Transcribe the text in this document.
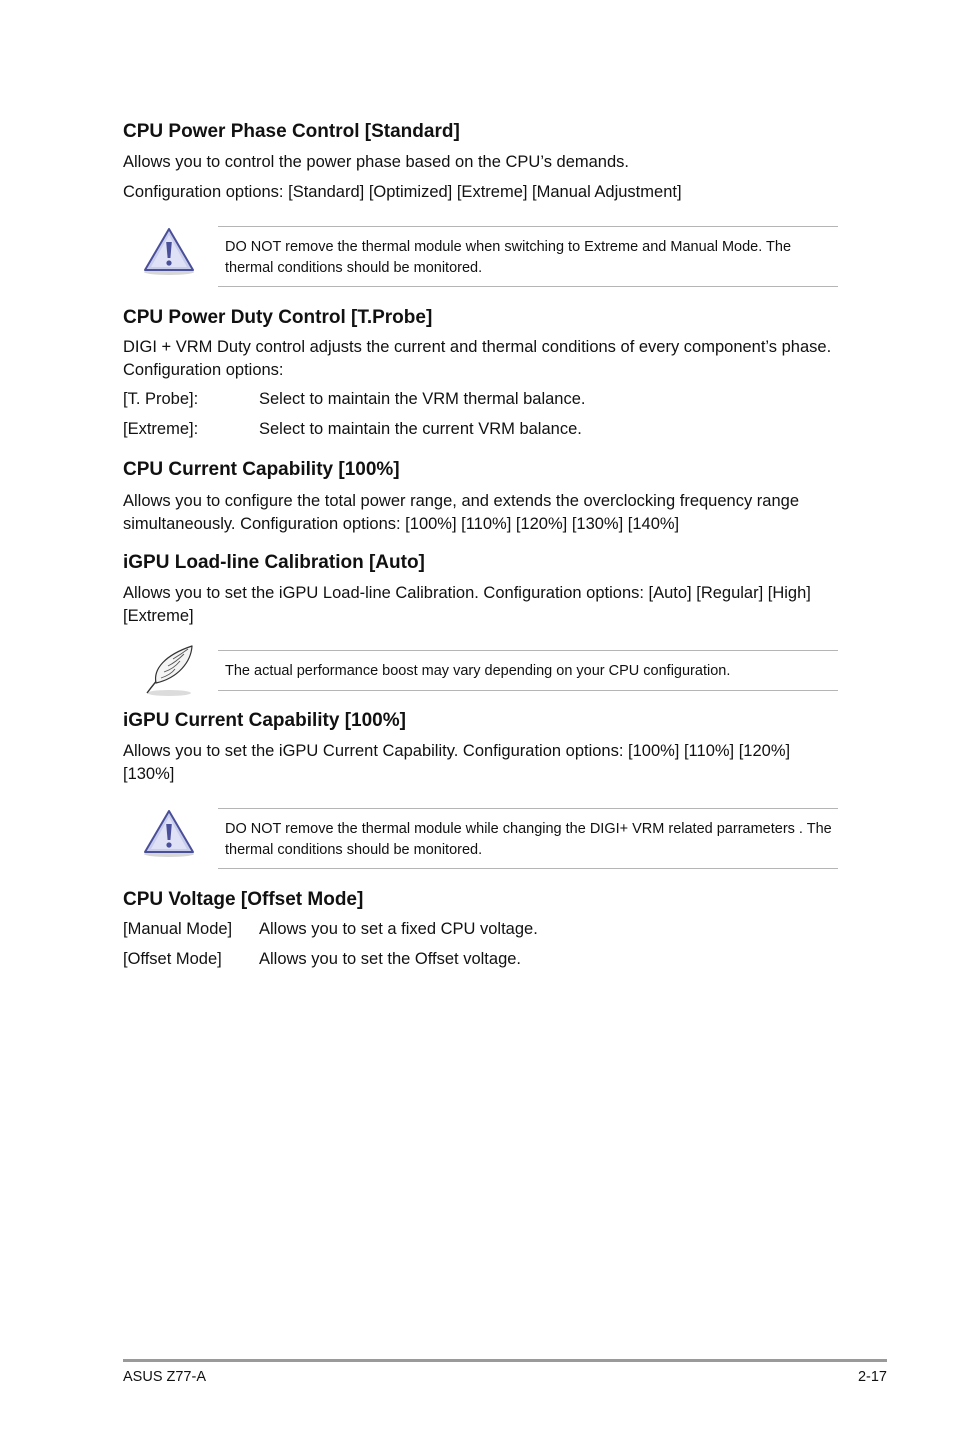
CPU Power Phase Control [Standard]

Allows you to control the power phase based on the CPU’s demands.

Configuration options: [Standard] [Optimized] [Extreme] [Manual Adjustment]

DO NOT remove the thermal module when switching to Extreme and Manual Mode. The thermal conditions should be monitored.

CPU Power Duty Control [T.Probe]

DIGI + VRM Duty control adjusts the current and thermal conditions of every component’s phase. Configuration options:

[T. Probe]:	Select to maintain the VRM thermal balance.
[Extreme]:	Select to maintain the current VRM balance.
CPU Current Capability [100%]

Allows you to configure the total power range, and extends the overclocking frequency range simultaneously. Configuration options: [100%] [110%] [120%] [130%] [140%]

iGPU Load-line Calibration [Auto]

Allows you to set the iGPU Load-line Calibration. Configuration options: [Auto] [Regular] [High] [Extreme]

The actual performance boost may vary depending on your CPU configuration.

iGPU Current Capability [100%]

Allows you to set the iGPU Current Capability. Configuration options: [100%] [110%] [120%] [130%]

DO NOT remove the thermal module while changing the DIGI+ VRM related parrameters . The thermal conditions should be monitored.

CPU Voltage [Offset Mode]
[Manual Mode] Allows you to set a fixed CPU voltage.
[Offset Mode] Allows you to set the Offset voltage.
ASUS Z77-A	2-17
